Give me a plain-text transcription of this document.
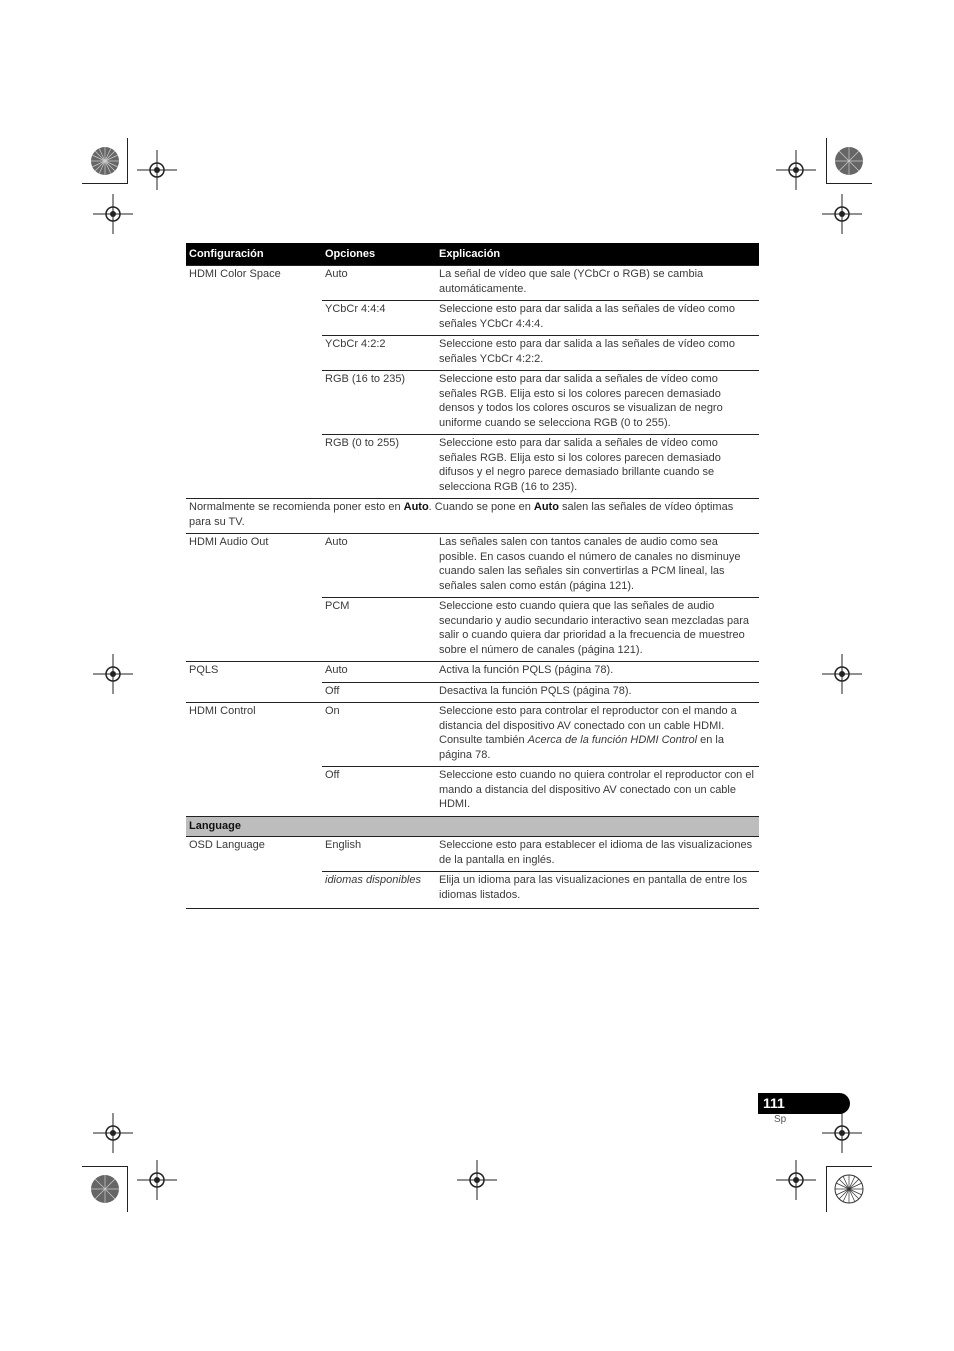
Configuración	Opciones	Explicación
HDMI Color Space	Auto	La señal de vídeo que sale (YCbCr o RGB) se cambia automáticamente.
	YCbCr 4:4:4	Seleccione esto para dar salida a las señales de vídeo como señales YCbCr 4:4:4.
	YCbCr 4:2:2	Seleccione esto para dar salida a las señales de vídeo como señales YCbCr 4:2:2.
	RGB (16 to 235)	Seleccione esto para dar salida a señales de vídeo como señales RGB. Elija esto si los colores parecen demasiado densos y todos los colores oscuros se visualizan de negro uniforme cuando se selecciona RGB (0 to 255).
	RGB (0 to 255)	Seleccione esto para dar salida a señales de vídeo como señales RGB. Elija esto si los colores parecen demasiado difusos y el negro parece demasiado brillante cuando se selecciona RGB (16 to 235).
Normalmente se recomienda poner esto en Auto. Cuando se pone en Auto salen las señales de vídeo óptimas para su TV.		
HDMI Audio Out	Auto	Las señales salen con tantos canales de audio como sea posible. En casos cuando el número de canales no disminuye cuando salen las señales sin convertirlas a PCM lineal, las señales salen como están (página 121).
	PCM	Seleccione esto cuando quiera que las señales de audio secundario y audio secundario interactivo sean mezcladas para salir o cuando quiera dar prioridad a la frecuencia de muestreo sobre el número de canales (página 121).
PQLS	Auto	Activa la función PQLS (página 78).
	Off	Desactiva la función PQLS (página 78).
HDMI Control	On	Seleccione esto para controlar el reproductor con el mando a distancia del dispositivo AV conectado con un cable HDMI. Consulte también Acerca de la función HDMI Control en la página 78.
	Off	Seleccione esto cuando no quiera controlar el reproductor con el mando a distancia del dispositivo AV conectado con un cable HDMI.
Language		
OSD Language	English	Seleccione esto para establecer el idioma de las visualizaciones de la pantalla en inglés.
	idiomas disponibles	Elija un idioma para las visualizaciones en pantalla de entre los idiomas listados.
111
Sp
